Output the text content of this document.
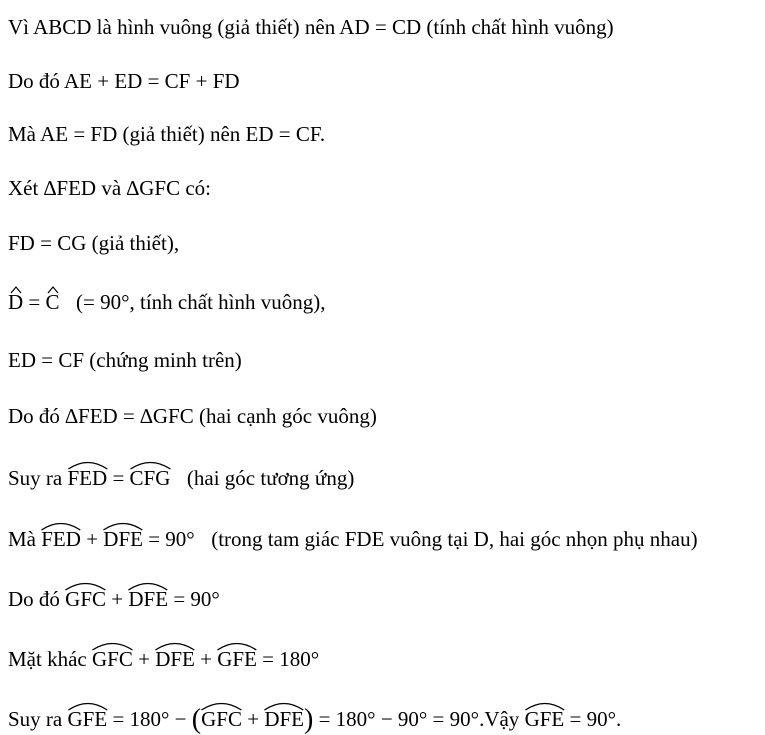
Vì ABCD là hình vuông (giả thiết) nên AD = CD (tính chất hình vuông)
Do đó AE + ED = CF + FD
Mà AE = FD (giả thiết) nên ED = CF.
Xét ∆FED và ∆GFC có:
FD = CG (giả thiết),
D = C (= 90°, tính chất hình vuông),
ED = CF (chứng minh trên)
Do đó ∆FED = ∆GFC (hai cạnh góc vuông)
Suy ra FED = CFG (hai góc tương ứng)
Mà FED + DFE = 90° (trong tam giác FDE vuông tại D, hai góc nhọn phụ nhau)
Do đó GFC + DFE = 90°
Mặt khác GFC + DFE + GFE = 180°
Suy ra GFE = 180° − (
GFC + DFE) = 180° − 90° = 90°.Vậy GFE = 90°.
